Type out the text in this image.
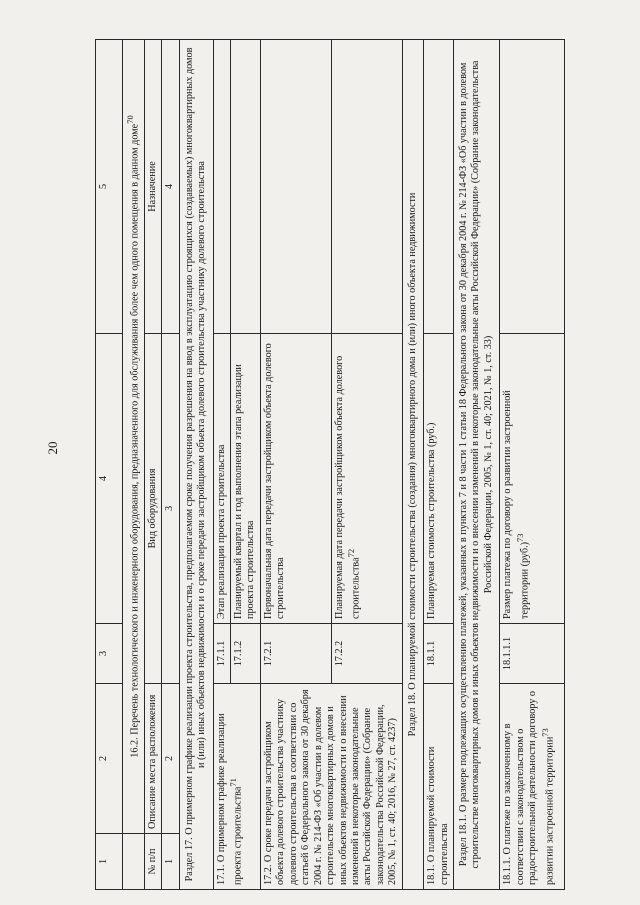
20
1	2	3	4	5
	16.2. Перечень технологического и инженерного оборудования, предназначенного для обслуживания более чем одного помещения в данном доме$^{70}$
№ п/п	Описание места расположения	Вид оборудования		Назначение
1	2	3		4
Раздел 17. О примерном графике реализации проекта строительства, предполагаемом сроке получения разрешения на ввод в эксплуатацию строящихся (создаваемых) многоквартирных домов и (или) иных объектов недвижимости и о сроке передачи застройщиком объекта долевого строительства участнику долевого строительства				
17.1. О примерном графике реализации проекта строительства$^{71}$		17.1.1	Этап реализации проекта строительства	
		17.1.2	Планируемый квартал и год выполнения этапа реализации проекта строительства	
17.2. О сроке передачи застройщиком объекта долевого строительства участнику долевого строительства в соответствии со статьей 6 Федерального закона от 30 декабря 2004 г. № 214-ФЗ «Об участии в долевом строительстве многоквартирных домов и иных объектов недвижимости и о внесении изменений в некоторые законодательные акты Российской Федерации» (Собрание законодательства Российской Федерации, 2005, № 1, ст. 40; 2016, № 27, ст. 4237)		17.2.1	Первоначальная дата передачи застройщиком объекта долевого строительства	
		17.2.2	Планируемая дата передачи застройщиком объекта долевого строительства$^{72}$	
Раздел 18. О планируемой стоимости строительства (создания) многоквартирного дома и (или) иного объекта недвижимости				
18.1. О планируемой стоимости строительства		18.1.1	Планируемая стоимость строительства (руб.)	
Раздел 18.1. О размере подлежащих осуществлению платежей, указанных в пунктах 7 и 8 части 1 статьи 18 Федерального закона от 30 декабря 2004 г. № 214-ФЗ «Об участии в долевом строительстве многоквартирных домов и иных объектов недвижимости и о внесении изменений в некоторые законодательные акты Российской Федерации» (Собрание законодательства Российской Федерации, 2005, № 1, ст. 40; 2021, № 1, ст. 33)				
18.1.1. О платеже по заключенному в соответствии с законодательством о градостроительной деятельности договору о развитии застроенной территории$^{73}$		18.1.1.1	Размер платежа по договору о развитии застроенной территории $(руб.)^{73}$	
